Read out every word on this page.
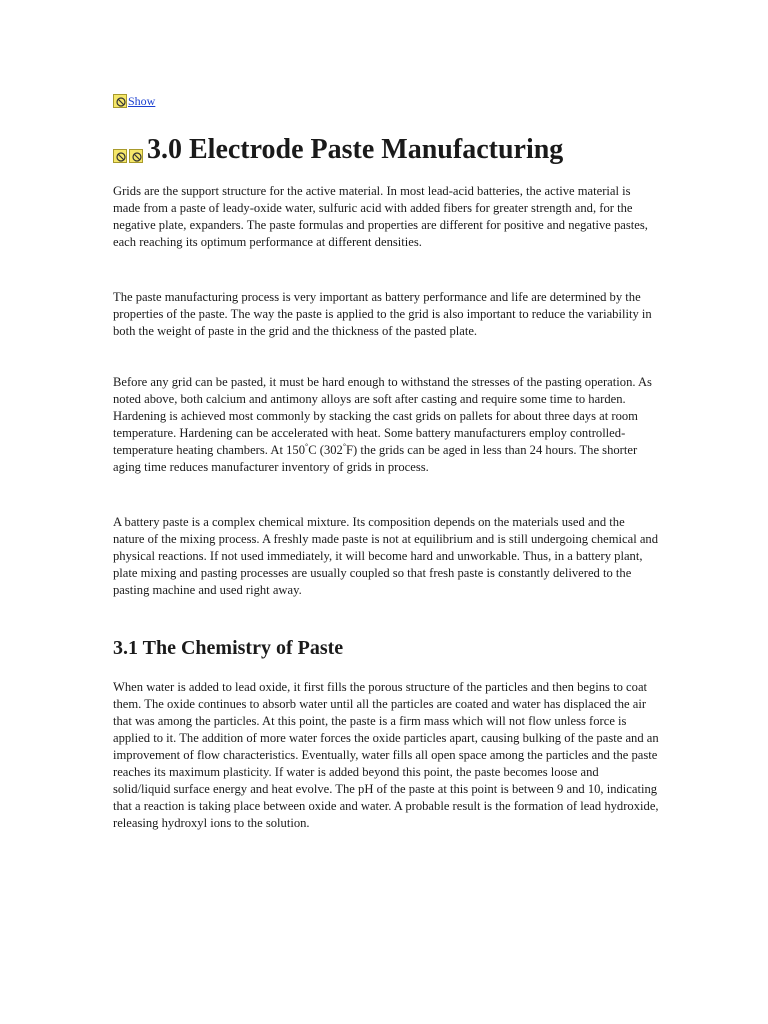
Show
3.0 Electrode Paste Manufacturing

Grids are the support structure for the active material. In most lead-acid batteries, the active material is made from a paste of leady-oxide water, sulfuric acid with added fibers for greater strength and, for the negative plate, expanders. The paste formulas and properties are different for positive and negative pastes, each reaching its optimum performance at different densities.

The paste manufacturing process is very important as battery performance and life are determined by the properties of the paste. The way the paste is applied to the grid is also important to reduce the variability in both the weight of paste in the grid and the thickness of the pasted plate.

Before any grid can be pasted, it must be hard enough to withstand the stresses of the pasting operation. As noted above, both calcium and antimony alloys are soft after casting and require some time to harden. Hardening is achieved most commonly by stacking the cast grids on pallets for about three days at room temperature. Hardening can be accelerated with heat. Some battery manufacturers employ controlled-temperature heating chambers. At 150°C (302°F) the grids can be aged in less than 24 hours. The shorter aging time reduces manufacturer inventory of grids in process.

A battery paste is a complex chemical mixture. Its composition depends on the materials used and the nature of the mixing process. A freshly made paste is not at equilibrium and is still undergoing chemical and physical reactions. If not used immediately, it will become hard and unworkable. Thus, in a battery plant, plate mixing and pasting processes are usually coupled so that fresh paste is constantly delivered to the pasting machine and used right away.

3.1 The Chemistry of Paste

When water is added to lead oxide, it first fills the porous structure of the particles and then begins to coat them. The oxide continues to absorb water until all the particles are coated and water has displaced the air that was among the particles. At this point, the paste is a firm mass which will not flow unless force is applied to it. The addition of more water forces the oxide particles apart, causing bulking of the paste and an improvement of flow characteristics. Eventually, water fills all open space among the particles and the paste reaches its maximum plasticity. If water is added beyond this point, the paste becomes loose and solid/liquid surface energy and heat evolve. The pH of the paste at this point is between 9 and 10, indicating that a reaction is taking place between oxide and water. A probable result is the formation of lead hydroxide, releasing hydroxyl ions to the solution.
